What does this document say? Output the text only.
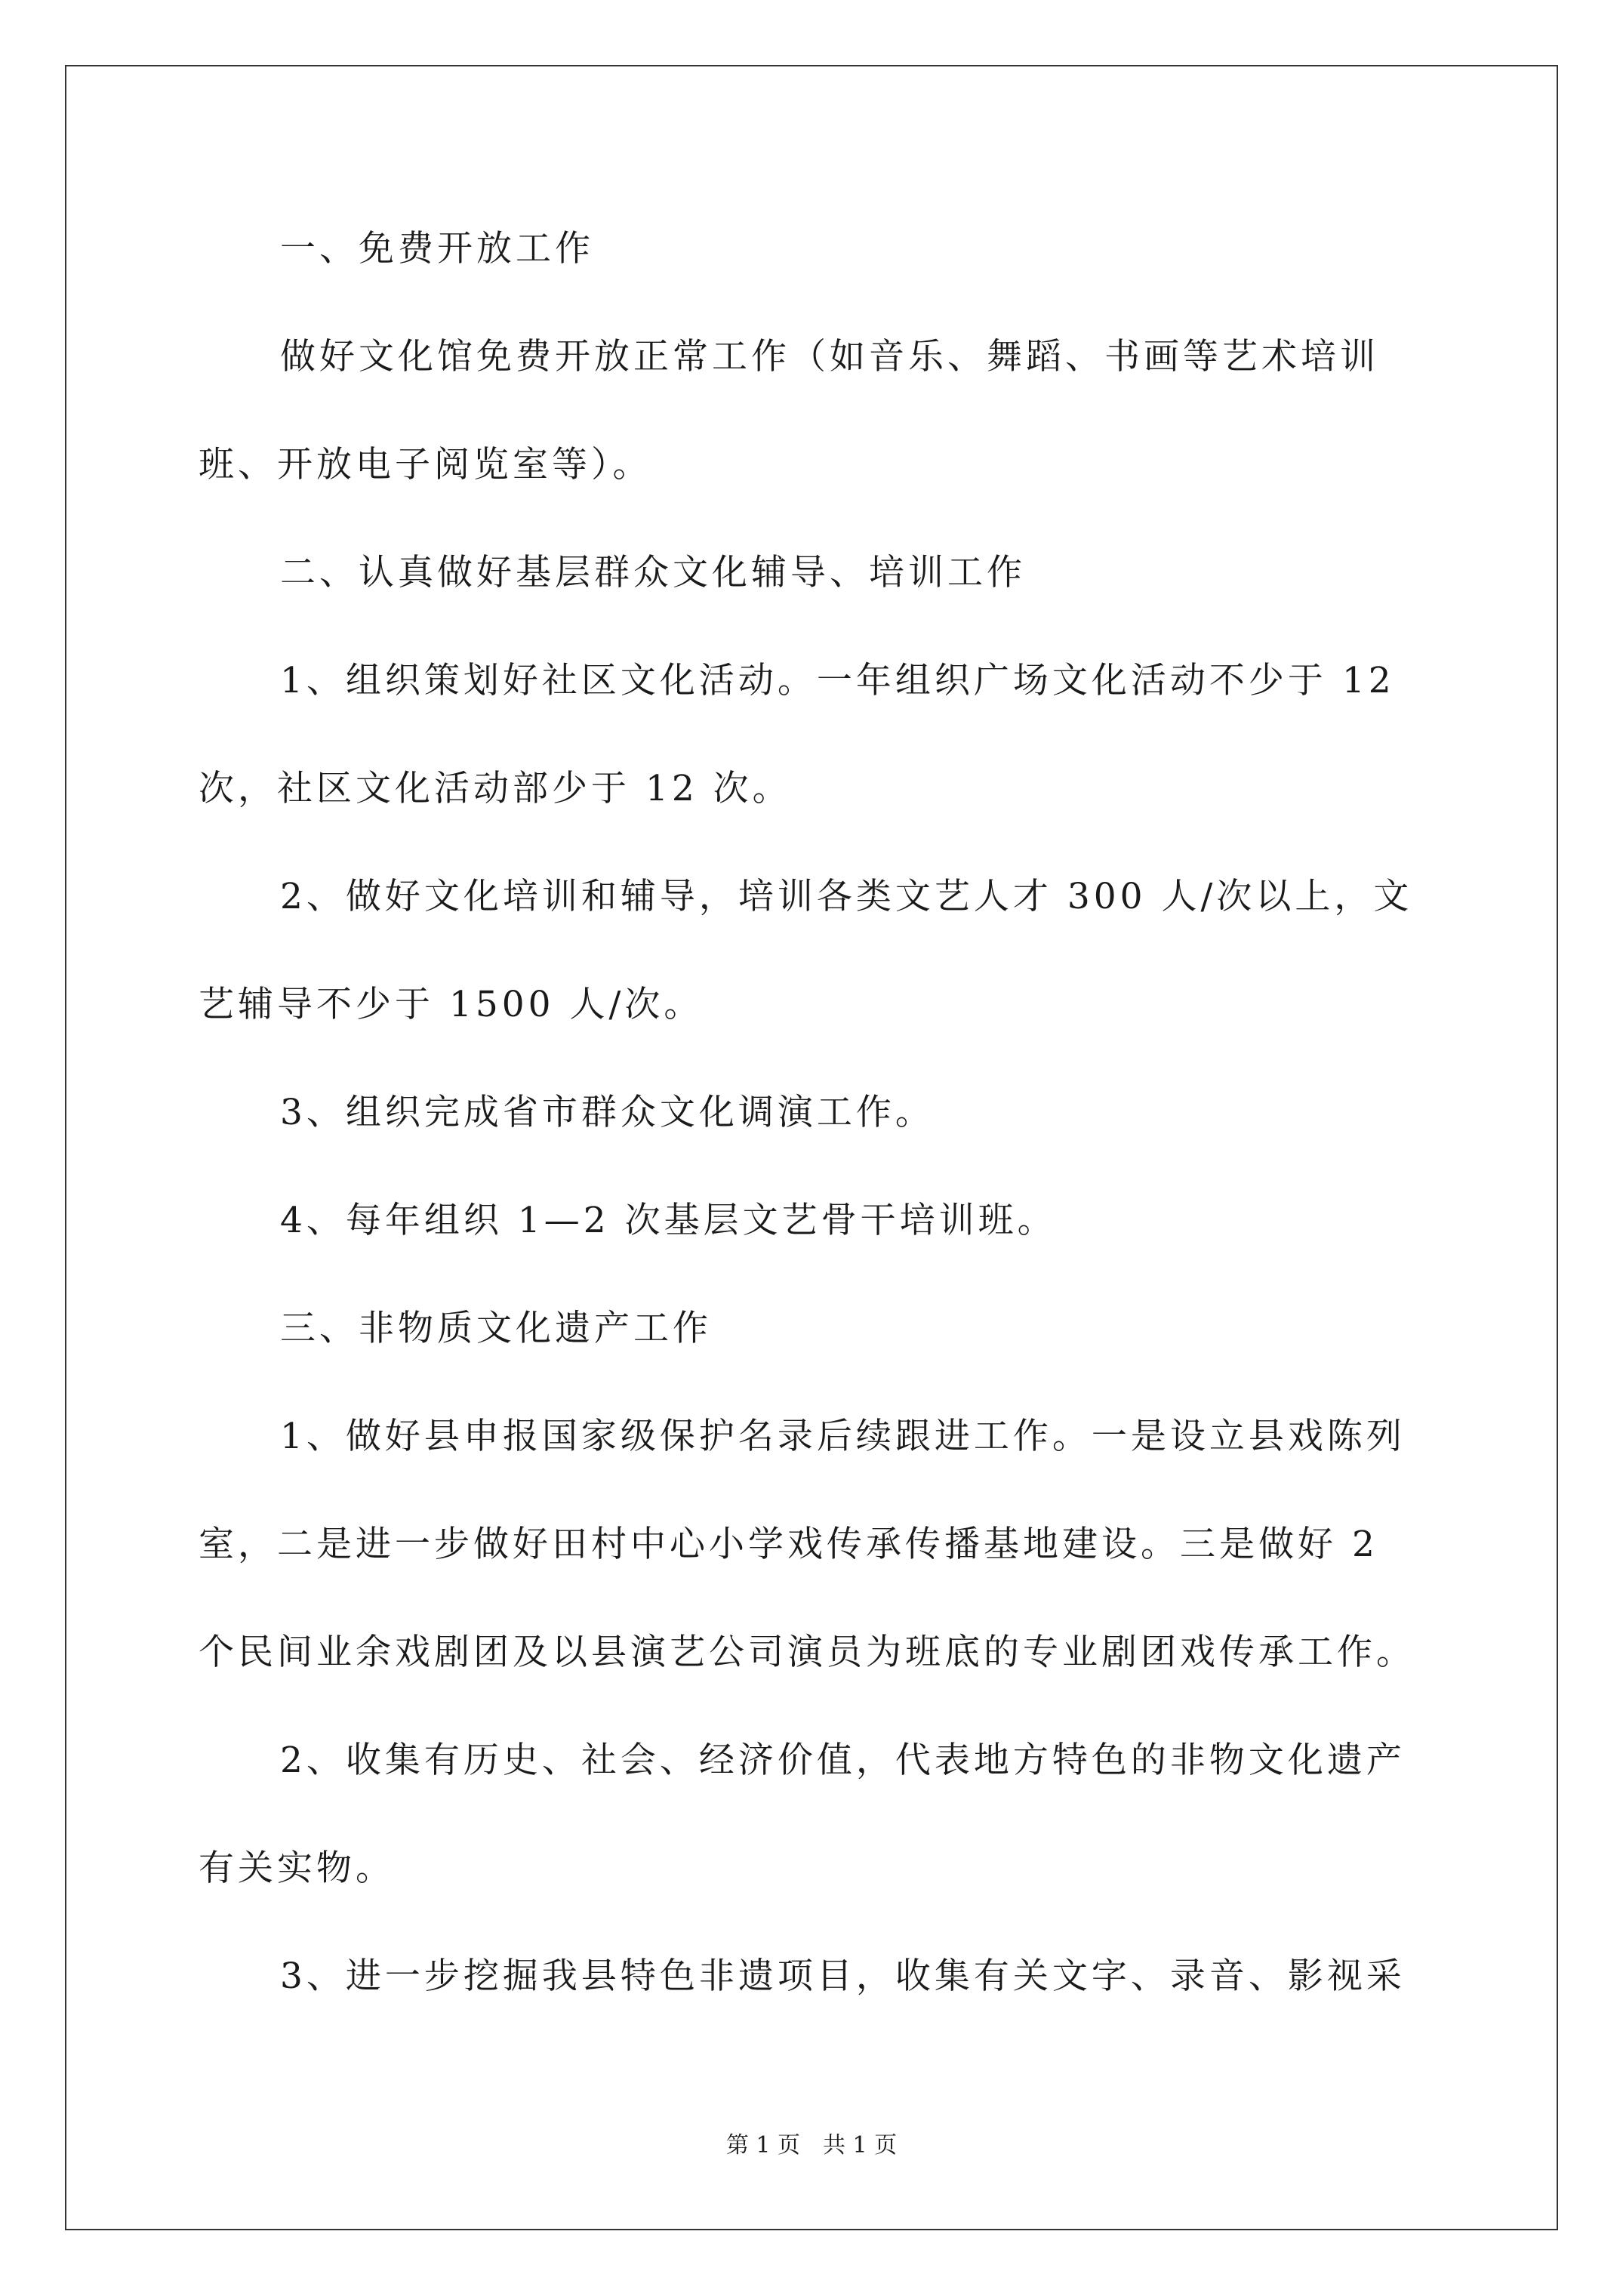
一、免费开放工作
做好文化馆免费开放正常工作（如音乐、舞蹈、书画等艺术培训
班、开放电子阅览室等）。
二、认真做好基层群众文化辅导、培训工作
1、组织策划好社区文化活动。一年组织广场文化活动不少于 12
次，社区文化活动部少于 12 次。
2、做好文化培训和辅导，培训各类文艺人才 300 人/次以上，文
艺辅导不少于 1500 人/次。
3、组织完成省市群众文化调演工作。
4、每年组织 1—2 次基层文艺骨干培训班。
三、非物质文化遗产工作
1、做好县申报国家级保护名录后续跟进工作。一是设立县戏陈列
室，二是进一步做好田村中心小学戏传承传播基地建设。三是做好 2
个民间业余戏剧团及以县演艺公司演员为班底的专业剧团戏传承工作。
2、收集有历史、社会、经济价值，代表地方特色的非物文化遗产
有关实物。
3、进一步挖掘我县特色非遗项目，收集有关文字、录音、影视采
第 1 页　共 1 页
